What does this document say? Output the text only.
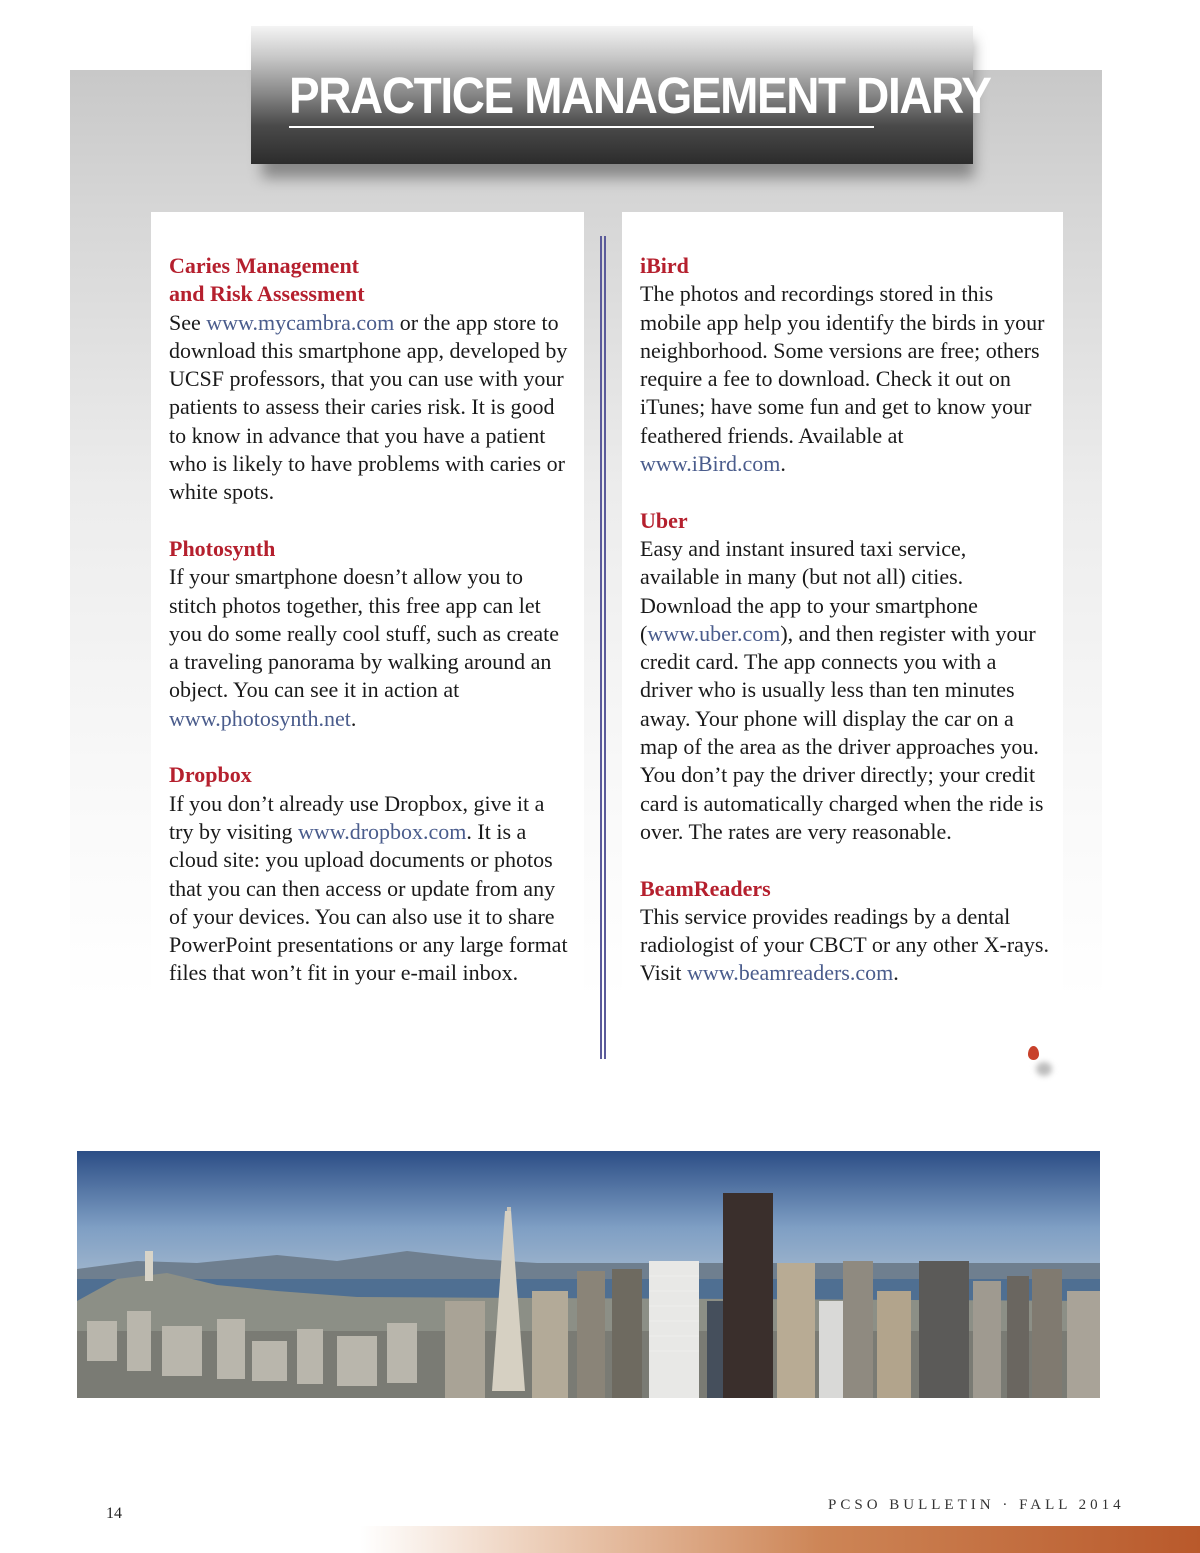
PRACTICE MANAGEMENT DIARY
Caries Management
and Risk Assessment

See www.mycambra.com or the app store to download this smartphone app, developed by UCSF professors, that you can use with your patients to assess their caries risk. It is good to know in advance that you have a patient who is likely to have problems with caries or white spots.

Photosynth

If your smartphone doesn’t allow you to stitch photos together, this free app can let you do some really cool stuff, such as create a traveling panorama by walking around an object. You can see it in action at www.photosynth.net.

Dropbox

If you don’t already use Dropbox, give it a try by visiting www.dropbox.com. It is a cloud site: you upload documents or photos that you can then access or update from any of your devices. You can also use it to share PowerPoint presentations or any large format files that won’t fit in your e-mail inbox.

iBird

The photos and recordings stored in this mobile app help you identify the birds in your neighborhood. Some versions are free; others require a fee to download. Check it out on iTunes; have some fun and get to know your feathered friends. Available at www.iBird.com.

Uber

Easy and instant insured taxi service, available in many (but not all) cities. Download the app to your smartphone (www.uber.com), and then register with your credit card. The app connects you with a driver who is usually less than ten minutes away. Your phone will display the car on a map of the area as the driver approaches you. You don’t pay the driver directly; your credit card is automatically charged when the ride is over. The rates are very reasonable.

BeamReaders

This service provides readings by a dental radiologist of your CBCT or any other X-rays. Visit www.beamreaders.com.

14	PCSO BULLETIN · FALL 2014
